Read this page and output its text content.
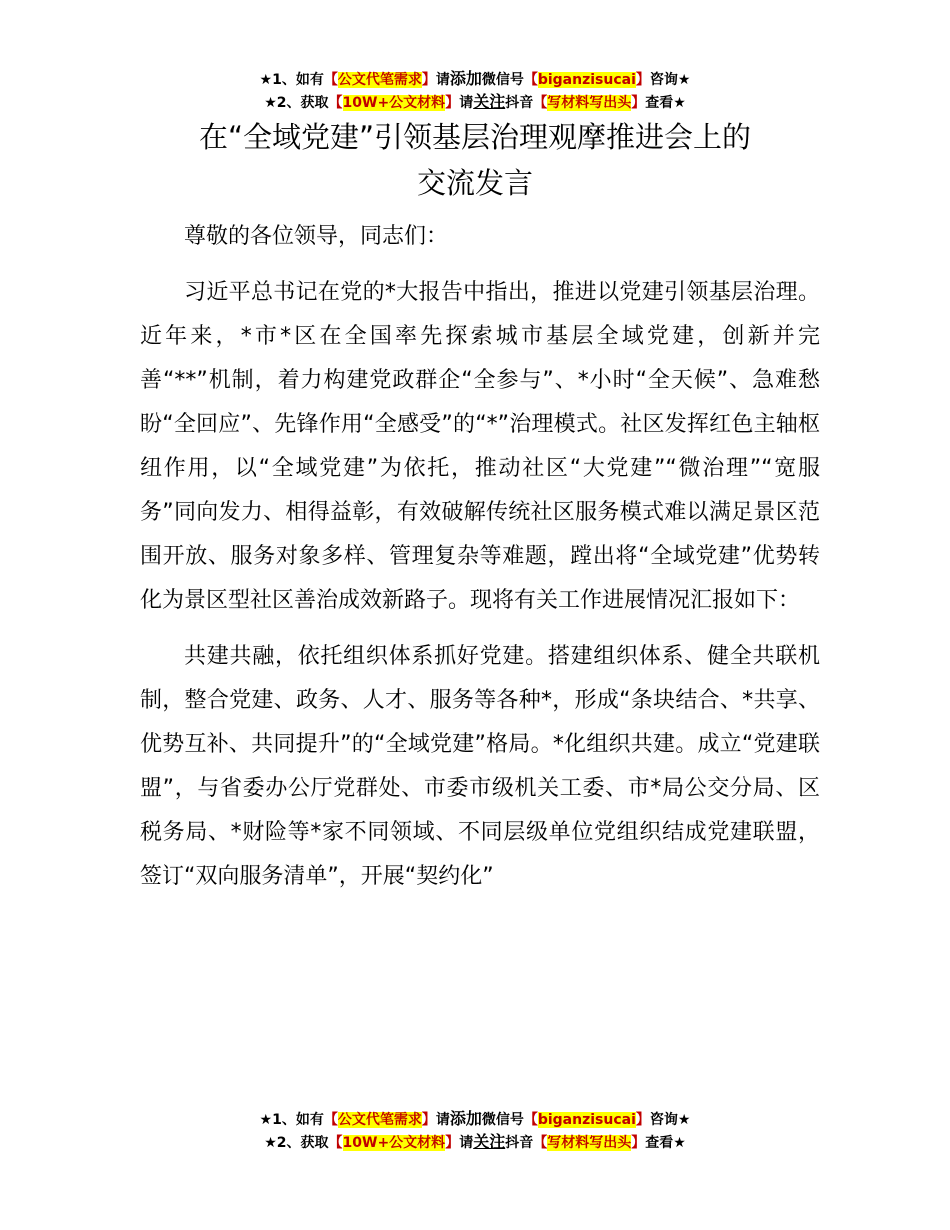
★1、如有【公文代笔需求】请添加微信号【biganzisucai】咨询★
★2、获取【10W+公文材料】请关注抖音【写材料写出头】查看★
在“全域党建”引领基层治理观摩推进会上的
交流发言

尊敬的各位领导，同志们：

习近平总书记在党的*大报告中指出，推进以党建引领基层治理。近年来，*市*区在全国率先探索城市基层全域党建，创新并完善“**”机制，着力构建党政群企“全参与”、*小时“全天候”、急难愁盼“全回应”、先锋作用“全感受”的“*”治理模式。社区发挥红色主轴枢纽作用，以“全域党建”为依托，推动社区“大党建”“微治理”“宽服务”同向发力、相得益彰，有效破解传统社区服务模式难以满足景区范围开放、服务对象多样、管理复杂等难题，蹚出将“全域党建”优势转化为景区型社区善治成效新路子。现将有关工作进展情况汇报如下：

共建共融，依托组织体系抓好党建。搭建组织体系、健全共联机制，整合党建、政务、人才、服务等各种*，形成“条块结合、*共享、优势互补、共同提升”的“全域党建”格局。*化组织共建。成立“党建联盟”，与省委办公厅党群处、市委市级机关工委、市*局公交分局、区税务局、*财险等*家不同领域、不同层级单位党组织结成党建联盟，签订“双向服务清单”，开展“契约化”

★1、如有【公文代笔需求】请添加微信号【biganzisucai】咨询★
★2、获取【10W+公文材料】请关注抖音【写材料写出头】查看★
